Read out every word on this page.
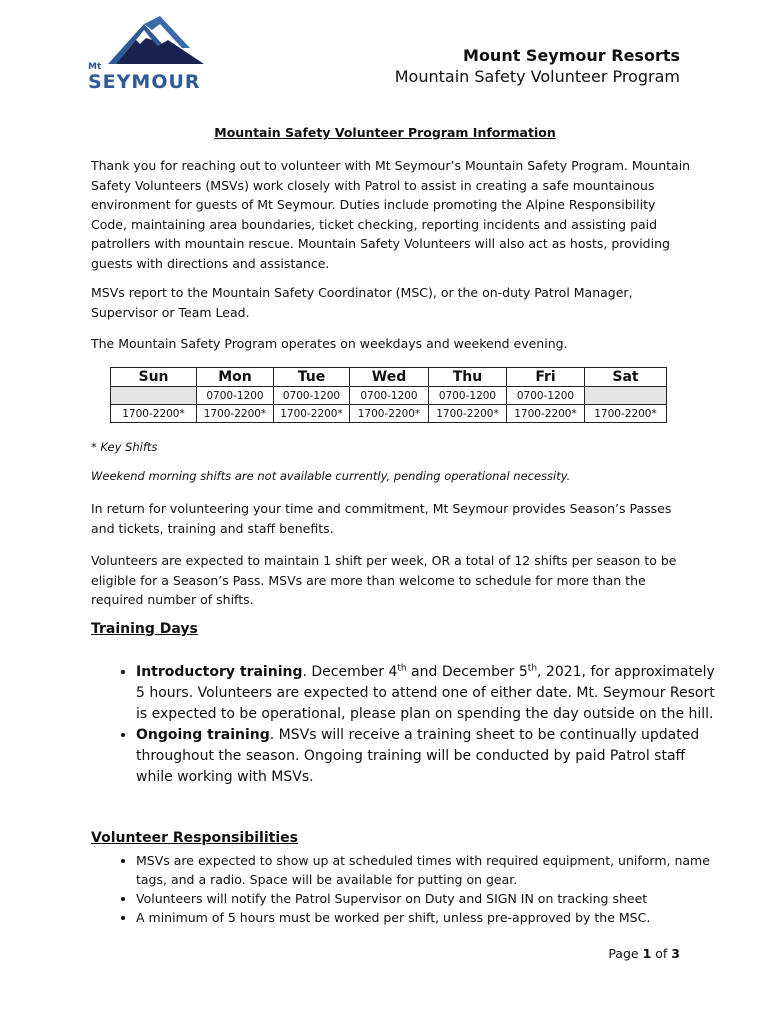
Mt
SEYMOUR
Mount Seymour Resorts
Mountain Safety Volunteer Program
Mountain Safety Volunteer Program Information
Thank you for reaching out to volunteer with Mt Seymour’s Mountain Safety Program. Mountain Safety Volunteers (MSVs) work closely with Patrol to assist in creating a safe mountainous environment for guests of Mt Seymour. Duties include promoting the Alpine Responsibility Code, maintaining area boundaries, ticket checking, reporting incidents and assisting paid patrollers with mountain rescue. Mountain Safety Volunteers will also act as hosts, providing guests with directions and assistance.
MSVs report to the Mountain Safety Coordinator (MSC), or the on-duty Patrol Manager, Supervisor or Team Lead.
The Mountain Safety Program operates on weekdays and weekend evening.
Sun	Mon	Tue	Wed	Thu	Fri	Sat
	0700-1200	0700-1200	0700-1200	0700-1200	0700-1200	
1700-2200*	1700-2200*	1700-2200*	1700-2200*	1700-2200*	1700-2200*	1700-2200*
* Key Shifts
Weekend morning shifts are not available currently, pending operational necessity.
In return for volunteering your time and commitment, Mt Seymour provides Season’s Passes and tickets, training and staff benefits.
Volunteers are expected to maintain 1 shift per week, OR a total of 12 shifts per season to be eligible for a Season’s Pass. MSVs are more than welcome to schedule for more than the required number of shifts.
Training Days
• Introductory training. December 4th and December 5th, 2021, for approximately 5 hours. Volunteers are expected to attend one of either date. Mt. Seymour Resort is expected to be operational, please plan on spending the day outside on the hill.
• Ongoing training. MSVs will receive a training sheet to be continually updated throughout the season. Ongoing training will be conducted by paid Patrol staff while working with MSVs.
Volunteer Responsibilities
• MSVs are expected to show up at scheduled times with required equipment, uniform, name tags, and a radio. Space will be available for putting on gear.
• Volunteers will notify the Patrol Supervisor on Duty and SIGN IN on tracking sheet
• A minimum of 5 hours must be worked per shift, unless pre-approved by the MSC.
Page 1 of 3
